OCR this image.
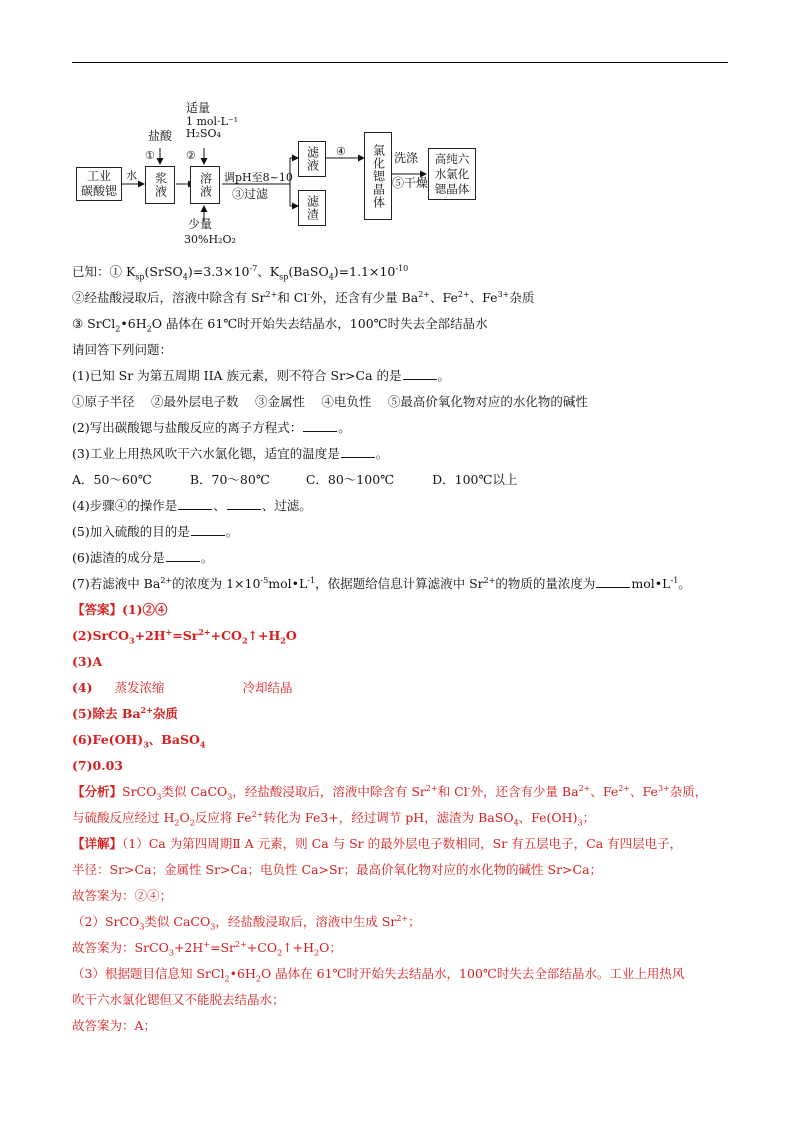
工业
碳酸锶
水
盐酸
①
浆液
适量
1 mol·L⁻¹
H₂SO₄
②
溶液
少量
30%H₂O₂
调pH至8~10
③过滤
滤液
滤渣
④	氯化锶晶体 洗涤
⑤干燥
高纯六
水氯化
锶晶体
已知：① $K_{sp}(SrSO_4)=3.3\times 10^{-7}$、$K_{sp}(BaSO_4)=1.1\times 10^{-10}$
②经盐酸浸取后，溶液中除含有 $Sr^{2+}$和 Cl-外，还含有少量 $Ba^{2+}$、$Fe^{2+}$、$Fe^{3+}$杂质
③ $SrCl_2•6H_2O$ 晶体在 61℃时开始失去结晶水，100℃时失去全部结晶水
请回答下列问题：
(1)已知 Sr 为第五周期 IIA 族元素，则不符合 Sr>Ca 的是	。
①原子半径 　②最外层电子数 　③金属性 　④电负性 　⑤最高价氧化物对应的水化物的碱性
(2)写出碳酸锶与盐酸反应的离子方程式：	。
(3)工业上用热风吹干六水氯化锶，适宜的温度是	。
A．50～60℃	B．70～80℃	C．80～100℃	D．100℃以上
(4)步骤④的操作是	、	、过滤。
(5)加入硫酸的目的是	。
(6)滤渣的成分是	。
(7)若滤液中 $Ba^{2+}$的浓度为 $1\times 10^{-5}mol•L^{-1}$，依据题给信息计算滤液中 $Sr^{2+}$的物质的量浓度为	$mol•L^{-1}$。
【答案】(1)②④
$(2)SrCO_3+2H^+=Sr^{2+}+CO_2↑+H_2O$
(3)A
(4) 蒸发浓缩	冷却结晶
(5)除去 $Ba^{2+}$杂质
$(6)Fe(OH)_3$、BaSO$_4$
(7)0.03
【分析】SrCO$_3$类似 CaCO$_3$，经盐酸浸取后，溶液中除含有 $Sr^{2+}$和 Cl-外，还含有少量 $Ba^{2+}$、$Fe^{2+}$、$Fe^{3+}$杂质，
与硫酸反应经过 $H_2O_2$反应将 $Fe^{2+}$转化为 Fe3+，经过调节 pH，滤渣为 BaSO$_4$、$Fe(OH)_3$；
【详解】（1）Ca 为第四周期Ⅱ A 元素，则 Ca 与 Sr 的最外层电子数相同，Sr 有五层电子，Ca 有四层电子，
半径：Sr>Ca；金属性 Sr>Ca；电负性 Ca>Sr；最高价氧化物对应的水化物的碱性 Sr>Ca；
故答案为：②④；
（2）SrCO$_3$类似 CaCO$_3$，经盐酸浸取后，溶液中生成 $Sr^{2+}$；
故答案为：$SrCO_3+2H^+=Sr^{2+}+CO_2↑+H_2O$；
（3）根据题目信息知 $SrCl_2•6H_2O$ 晶体在 61℃时开始失去结晶水，100℃时失去全部结晶水。工业上用热风
吹干六水氯化锶但又不能脱去结晶水；
故答案为：A；
